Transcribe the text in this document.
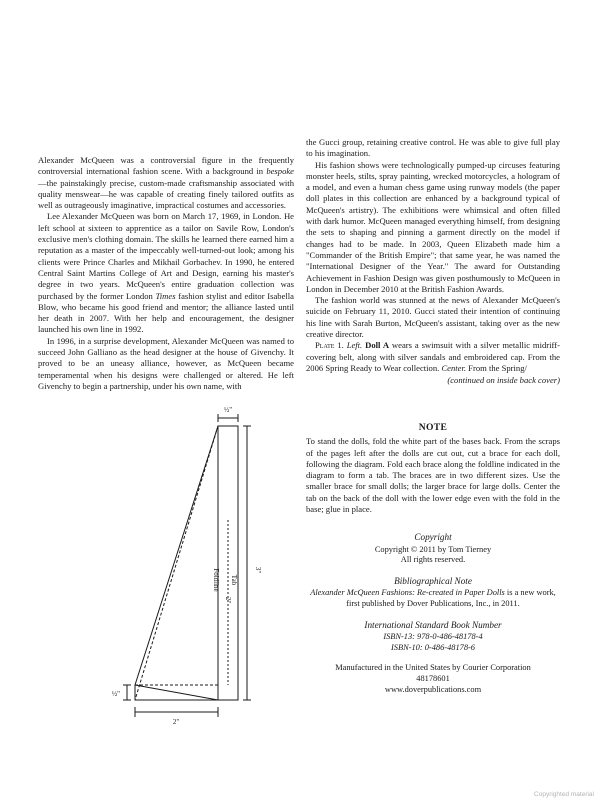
Alexander McQueen was a controversial figure in the frequently controversial international fashion scene. With a background in bespoke—the painstakingly precise, custom-made craftsmanship associated with quality menswear—he was capable of creating finely tailored outfits as well as outrageously imaginative, impractical costumes and accessories.

Lee Alexander McQueen was born on March 17, 1969, in London. He left school at sixteen to apprentice as a tailor on Savile Row, London's exclusive men's clothing domain. The skills he learned there earned him a reputation as a master of the impeccably well-turned-out look; among his clients were Prince Charles and Mikhail Gorbachev. In 1990, he entered Central Saint Martins College of Art and Design, earning his master's degree in two years. McQueen's entire graduation collection was purchased by the former London Times fashion stylist and editor Isabella Blow, who became his good friend and mentor; the alliance lasted until her death in 2007. With her help and encouragement, the designer launched his own line in 1992.

In 1996, in a surprise development, Alexander McQueen was named to succeed John Galliano as the head designer at the house of Givenchy. It proved to be an uneasy alliance, however, as McQueen became temperamental when his designs were challenged or altered. He left Givenchy to begin a partnership, under his own name, with

the Gucci group, retaining creative control. He was able to give full play to his imagination.

His fashion shows were technologically pumped-up circuses featuring monster heels, stilts, spray painting, wrecked motorcycles, a hologram of a model, and even a human chess game using runway models (the paper doll plates in this collection are enhanced by a background typical of McQueen's artistry). The exhibitions were whimsical and often filled with dark humor. McQueen managed everything himself, from designing the sets to shaping and pinning a garment directly on the model if changes had to be made. In 2003, Queen Elizabeth made him a "Commander of the British Empire"; that same year, he was named the "International Designer of the Year." The award for Outstanding Achievement in Fashion Design was given posthumously to McQueen in London in December 2010 at the British Fashion Awards.

The fashion world was stunned at the news of Alexander McQueen's suicide on February 11, 2010. Gucci stated their intention of continuing his line with Sarah Burton, McQueen's assistant, taking over as the new creative director.

Plate 1. Left. Doll A wears a swimsuit with a silver metallic midriff-covering belt, along with silver sandals and embroidered cap. From the 2006 Spring Ready to Wear collection. Center. From the Spring/

(continued on inside back cover)

NOTE

To stand the dolls, fold the white part of the bases back. From the scraps of the pages left after the dolls are cut out, cut a brace for each doll, following the diagram. Fold each brace along the foldline indicated in the diagram to form a tab. The braces are in two different sizes. Use the smaller brace for small dolls; the larger brace for large dolls. Center the tab on the back of the doll with the lower edge even with the fold in the base; glue in place.

Copyright
Copyright © 2011 by Tom Tierney
All rights reserved.
Bibliographical Note
Alexander McQueen Fashions: Re-created in Paper Dolls is a new work,
first published by Dover Publications, Inc., in 2011.
International Standard Book Number
ISBN-13: 978-0-486-48178-4
ISBN-10: 0-486-48178-6
Manufactured in the United States by Courier Corporation
48178601
www.doverpublications.com
½"
½"
2"
Foldline Tab
3"
2"
Copyrighted material
